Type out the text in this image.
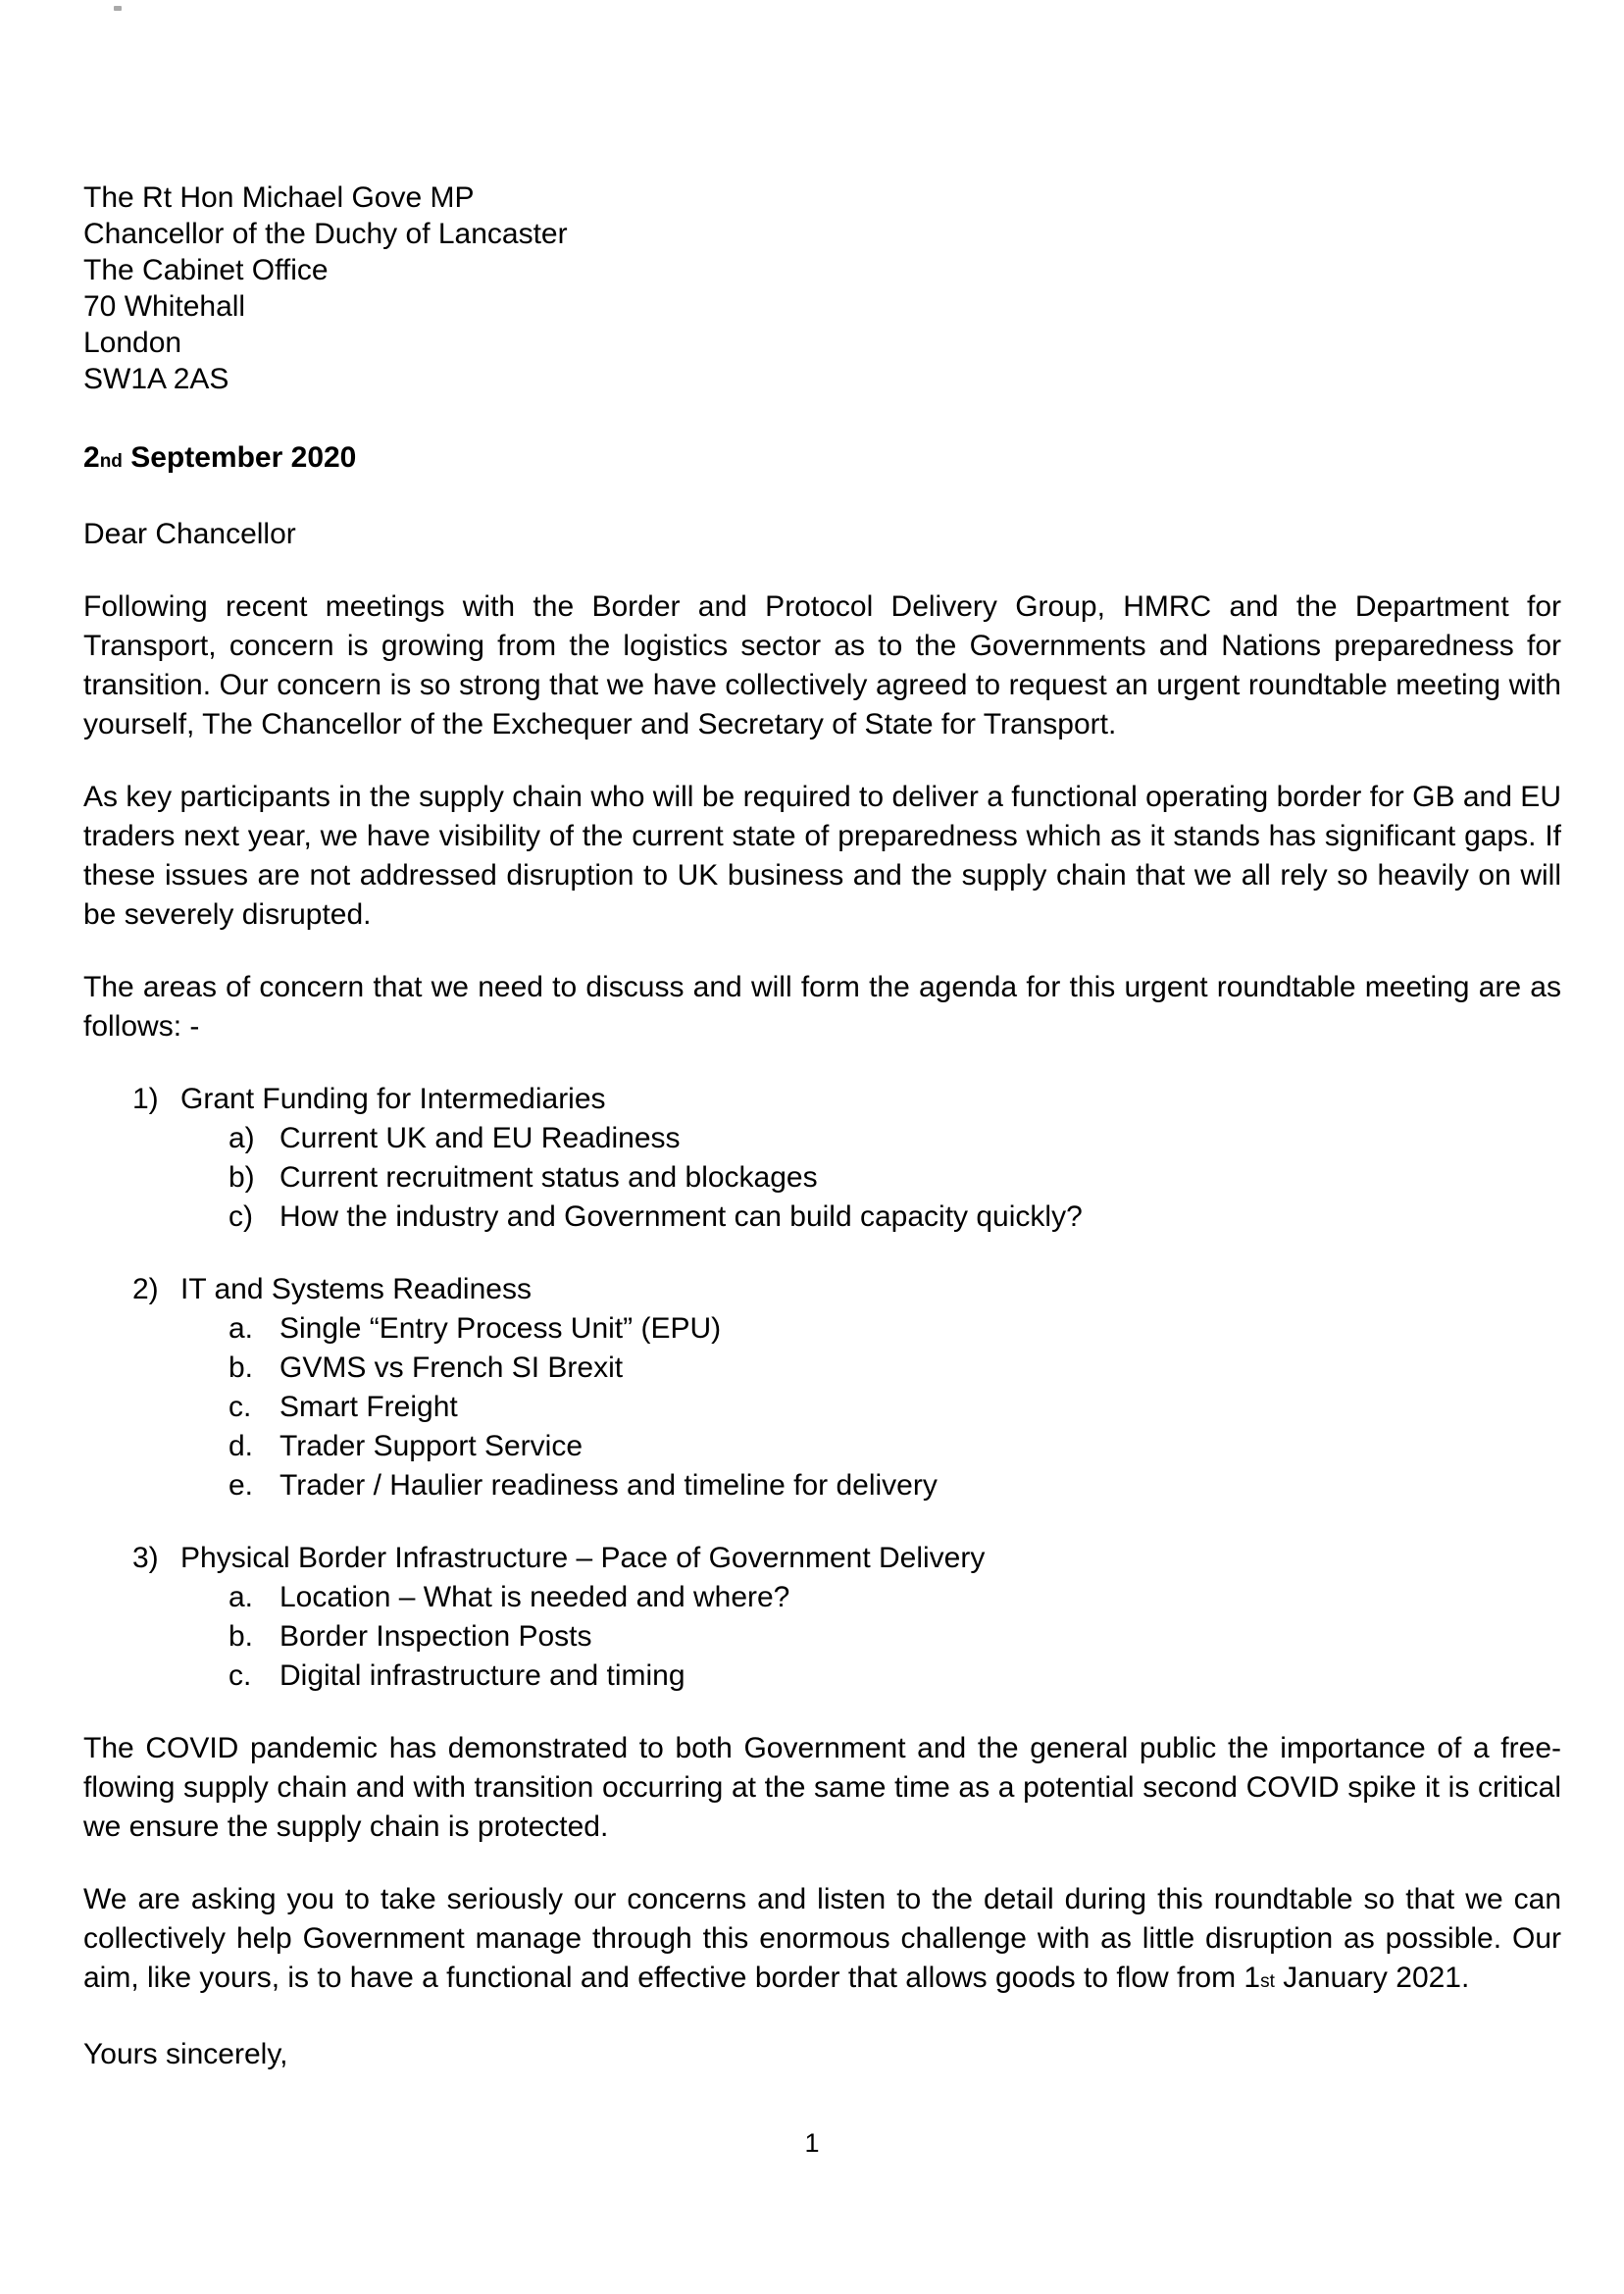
The Rt Hon Michael Gove MP
Chancellor of the Duchy of Lancaster
The Cabinet Office
70 Whitehall
London
SW1A 2AS

2nd September 2020

Dear Chancellor

Following recent meetings with the Border and Protocol Delivery Group, HMRC and the Department for Transport, concern is growing from the logistics sector as to the Governments and Nations preparedness for transition. Our concern is so strong that we have collectively agreed to request an urgent roundtable meeting with yourself, The Chancellor of the Exchequer and Secretary of State for Transport.

As key participants in the supply chain who will be required to deliver a functional operating border for GB and EU traders next year, we have visibility of the current state of preparedness which as it stands has significant gaps. If these issues are not addressed disruption to UK business and the supply chain that we all rely so heavily on will be severely disrupted.

The areas of concern that we need to discuss and will form the agenda for this urgent roundtable meeting are as follows: -

1) Grant Funding for Intermediaries
a) Current UK and EU Readiness
b) Current recruitment status and blockages
c) How the industry and Government can build capacity quickly?
2) IT and Systems Readiness
a. Single “Entry Process Unit” (EPU)
b. GVMS vs French SI Brexit
c. Smart Freight
d. Trader Support Service
e. Trader / Haulier readiness and timeline for delivery
3) Physical Border Infrastructure – Pace of Government Delivery
a. Location – What is needed and where?
b. Border Inspection Posts
c. Digital infrastructure and timing

The COVID pandemic has demonstrated to both Government and the general public the importance of a free-flowing supply chain and with transition occurring at the same time as a potential second COVID spike it is critical we ensure the supply chain is protected.

We are asking you to take seriously our concerns and listen to the detail during this roundtable so that we can collectively help Government manage through this enormous challenge with as little disruption as possible. Our aim, like yours, is to have a functional and effective border that allows goods to flow from 1st January 2021.

Yours sincerely,

1
